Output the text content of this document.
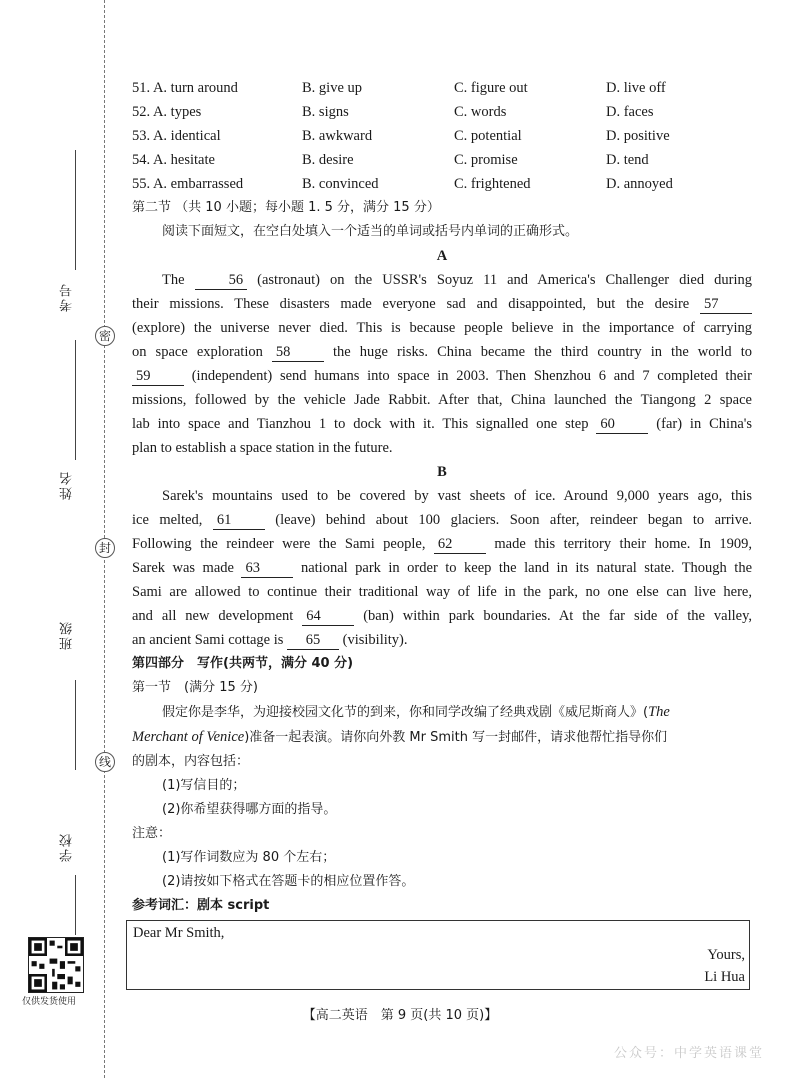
密
封
线
考号
姓名
班级
学校
仅供发货使用
51. A. turn around	B. give up	C. figure out	D. live off
52. A. types	B. signs	C. words	D. faces
53. A. identical	B. awkward	C. potential	D. positive
54. A. hesitate	B. desire	C. promise	D. tend
55. A. embarrassed	B. convinced	C. frightened	D. annoyed
第二节 （共 10 小题；每小题 1. 5 分，满分 15 分）
阅读下面短文，在空白处填入一个适当的单词或括号内单词的正确形式。
A
The	56 (astronaut) on the USSR's Soyuz 11 and America's Challenger died during
their missions. These disasters made everyone sad and disappointed, but the desire 57
(explore) the universe never died. This is because people believe in the importance of carrying
on space exploration 58	the huge risks. China became the third country in the world to
59	(independent) send humans into space in 2003. Then Shenzhou 6 and 7 completed their
missions, followed by the vehicle Jade Rabbit. After that, China launched the Tiangong 2 space
lab into space and Tianzhou 1 to dock with it. This signalled one step 60	(far) in China's
plan to establish a space station in the future.
B
Sarek's mountains used to be covered by vast sheets of ice. Around 9,000 years ago, this
ice melted, 61	(leave) behind about 100 glaciers. Soon after, reindeer began to arrive.
Following the reindeer were the Sami people, 62	made this territory their home. In 1909,
Sarek was made 63	national park in order to keep the land in its natural state. Though the
Sami are allowed to continue their traditional way of life in the park, no one else can live here,
and all new development 64	(ban) within park boundaries. At the far side of the valley,
an ancient Sami cottage is 65 (visibility).
第四部分　写作(共两节，满分 40 分)
第一节　(满分 15 分)
假定你是李华，为迎接校园文化节的到来，你和同学改编了经典戏剧《威尼斯商人》(The
Merchant of Venice)准备一起表演。请你向外教 Mr Smith 写一封邮件，请求他帮忙指导你们
的剧本，内容包括：
(1)写信目的；
(2)你希望获得哪方面的指导。
注意：
(1)写作词数应为 80 个左右；
(2)请按如下格式在答题卡的相应位置作答。
参考词汇：剧本 script
Dear Mr Smith,
Yours,
Li Hua
【高二英语　第 9 页(共 10 页)】
公众号：中学英语课堂
